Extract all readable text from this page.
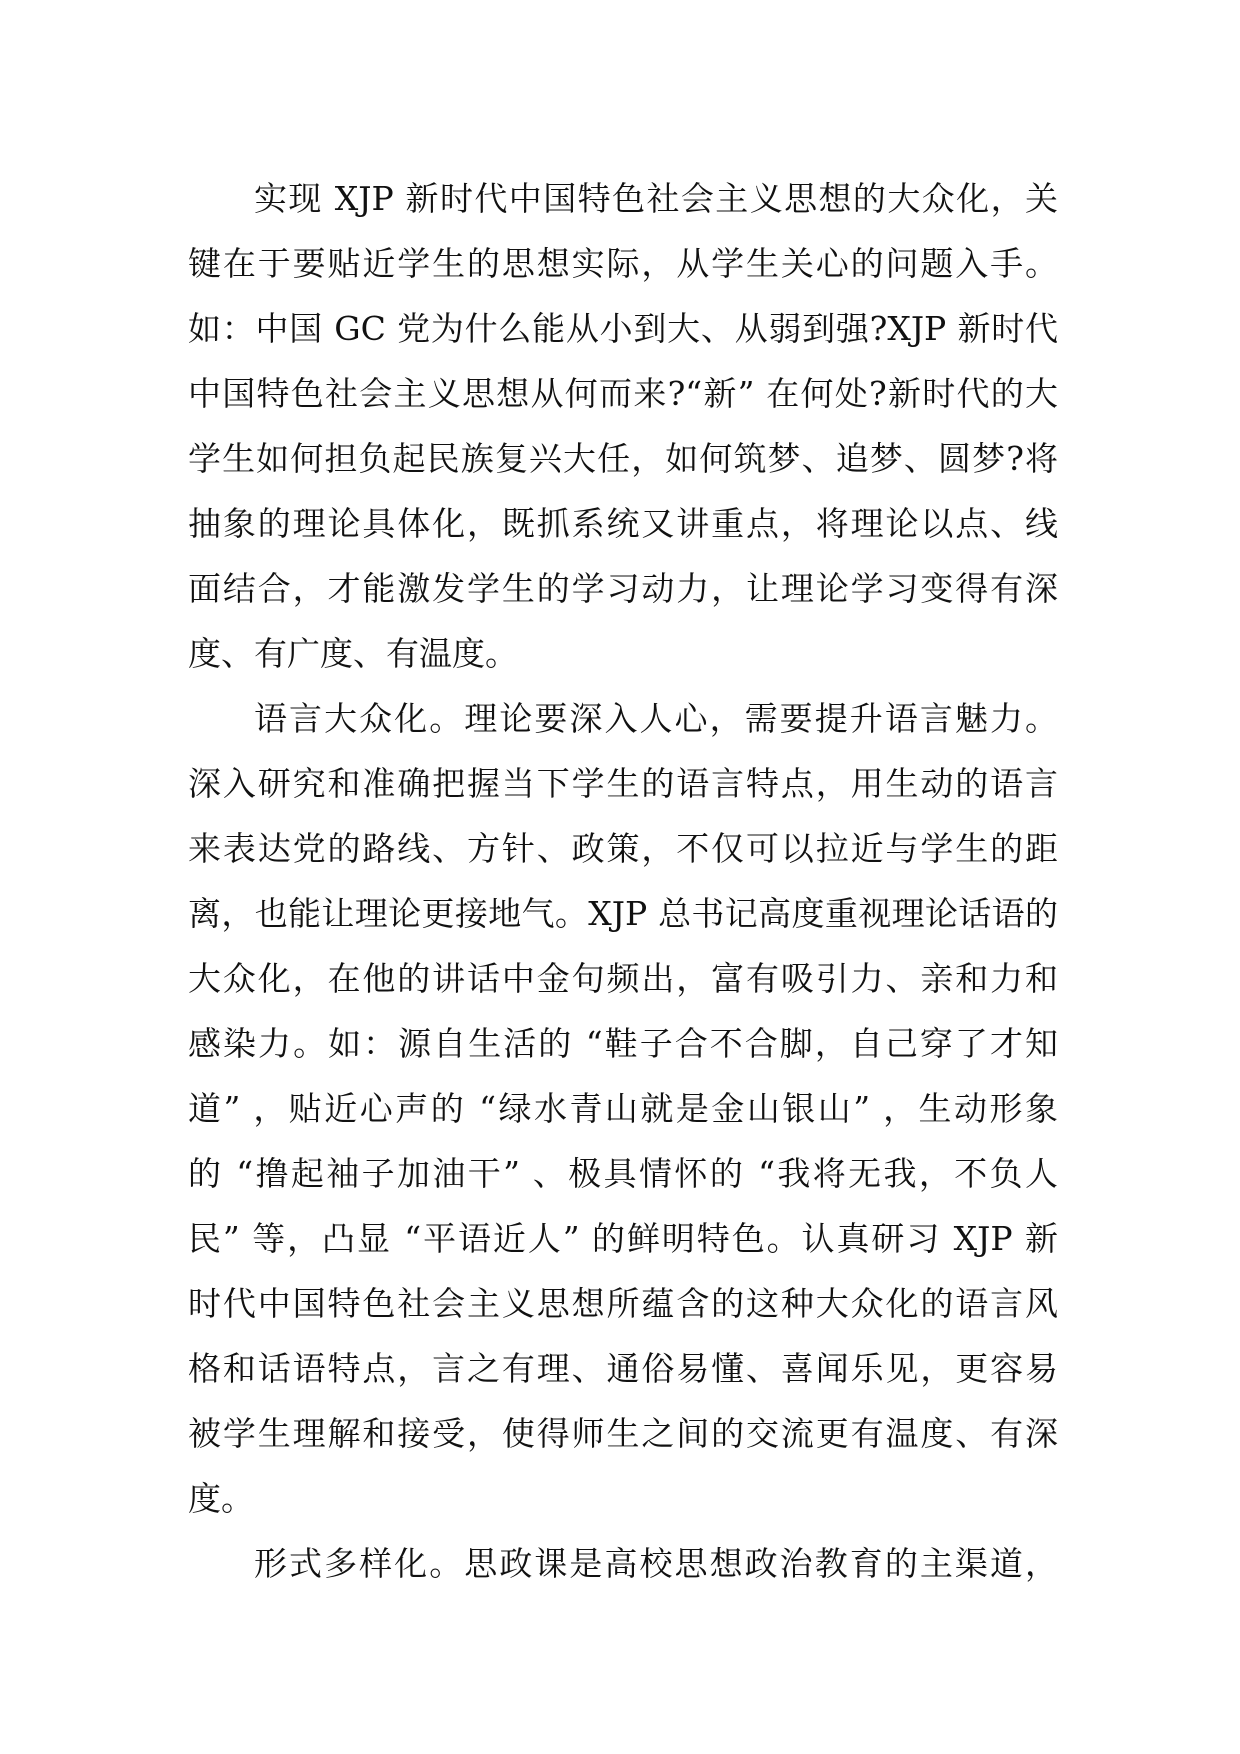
实现 XJP 新时代中国特色社会主义思想的大众化，关
键在于要贴近学生的思想实际，从学生关心的问题入手。
如：中国 GC 党为什么能从小到大、从弱到强?XJP 新时代
中国特色社会主义思想从何而来?“新” 在何处?新时代的大
学生如何担负起民族复兴大任，如何筑梦、追梦、圆梦?将
抽象的理论具体化，既抓系统又讲重点，将理论以点、线
面结合，才能激发学生的学习动力，让理论学习变得有深
度、有广度、有温度。
语言大众化。理论要深入人心，需要提升语言魅力。
深入研究和准确把握当下学生的语言特点，用生动的语言
来表达党的路线、方针、政策，不仅可以拉近与学生的距
离，也能让理论更接地气。XJP 总书记高度重视理论话语的
大众化，在他的讲话中金句频出，富有吸引力、亲和力和
感染力。如：源自生活的 “鞋子合不合脚，自己穿了才知
道” ，贴近心声的 “绿水青山就是金山银山” ，生动形象
的 “撸起袖子加油干” 、极具情怀的 “我将无我，不负人
民” 等，凸显 “平语近人” 的鲜明特色。认真研习 XJP 新
时代中国特色社会主义思想所蕴含的这种大众化的语言风
格和话语特点，言之有理、通俗易懂、喜闻乐见，更容易
被学生理解和接受，使得师生之间的交流更有温度、有深
度。
形式多样化。思政课是高校思想政治教育的主渠道，
